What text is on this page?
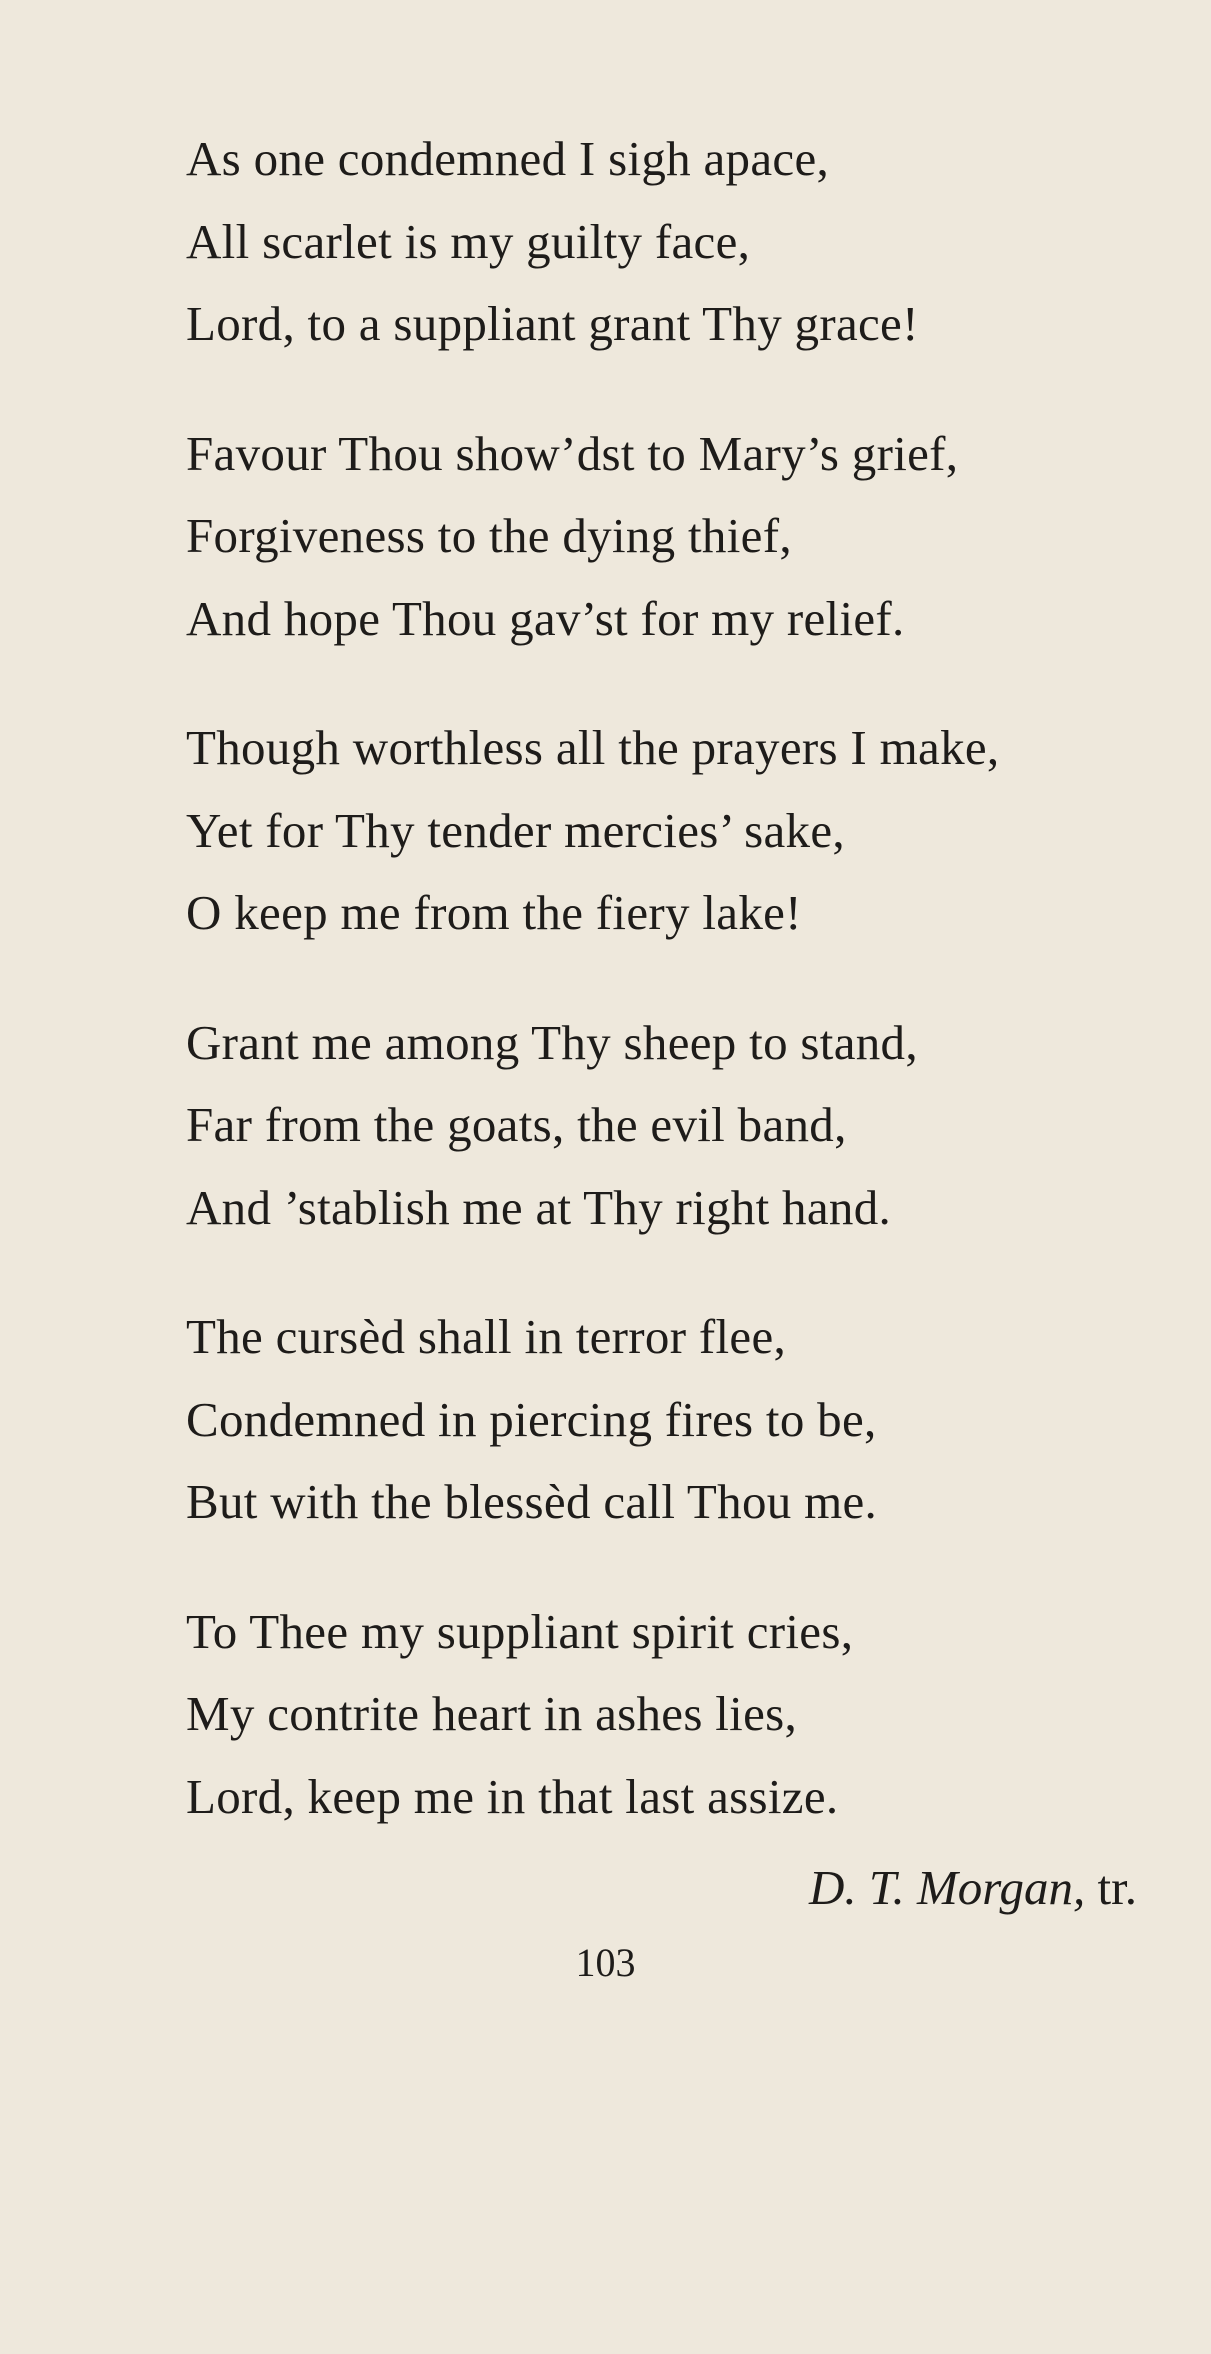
As one condemned I sigh apace,
All scarlet is my guilty face,
Lord, to a suppliant grant Thy grace!
Favour Thou show’dst to Mary’s grief,
Forgiveness to the dying thief,
And hope Thou gav’st for my relief.
Though worthless all the prayers I make,
Yet for Thy tender mercies’ sake,
O keep me from the fiery lake!
Grant me among Thy sheep to stand,
Far from the goats, the evil band,
And ’stablish me at Thy right hand.
The cursèd shall in terror flee,
Condemned in piercing fires to be,
But with the blessèd call Thou me.
To Thee my suppliant spirit cries,
My contrite heart in ashes lies,
Lord, keep me in that last assize.
D. T. Morgan, tr.
103
